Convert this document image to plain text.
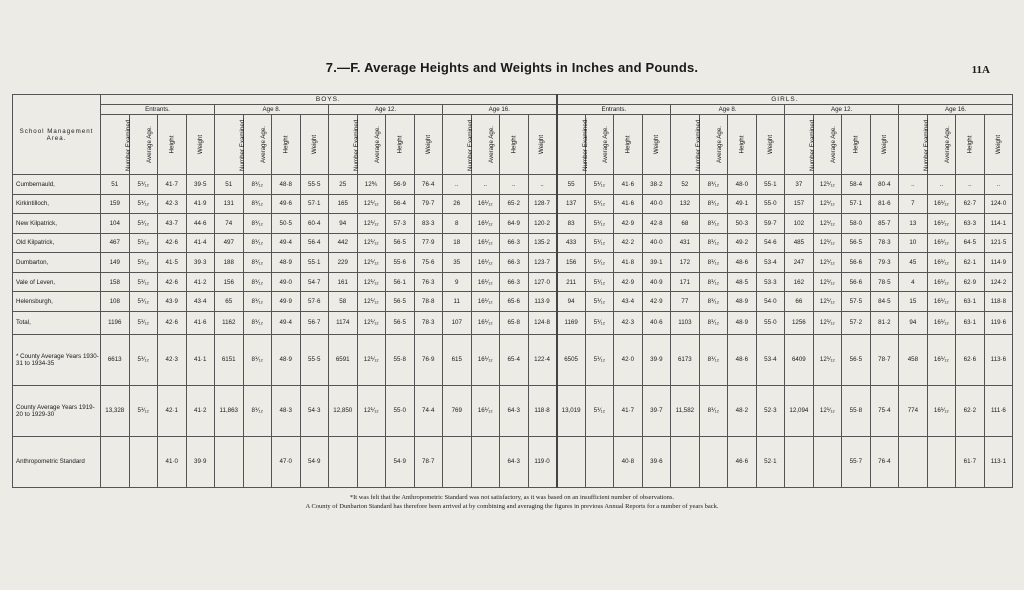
7.—F. Average Heights and Weights in Inches and Pounds.	11A
School Management Area.	BOYS.																GIRLS.															
	Entrants.				Age 8.				Age 12.				Age 16.				Entrants.				Age 8.				Age 12.				Age 16.			
	Number Examined.	Average Age.	Height	Weight	Number Examined.	Average Age.	Height	Weight	Number Examined.	Average Age.	Height	Weight	Number Examined.	Average Age.	Height	Weight	Number Examined.	Average Age.	Height	Weight	Number Examined.	Average Age.	Height	Weight	Number Examined.	Average Age.	Height	Weight	Number Examined.	Average Age.	Height	Weight
Cumbernauld,	51	5⅟₁₂	41·7	39·5	51	8⅟₁₂	48·8	55·5	25	12⅗	56·9	76·4	..	..	..	..	55	5⅟₁₂	41·6	38·2	52	8⅟₁₂	48·0	55·1	37	12⅟₁₂	58·4	80·4	..	..	..	..
Kirkintilloch,	159	5⅟₁₂	42·3	41·9	131	8⅟₁₂	49·6	57·1	165	12⅟₁₂	56·4	79·7	26	16⅟₁₂	65·2	128·7	137	5⅟₁₂	41·6	40·0	132	8⅟₁₂	49·1	55·0	157	12⅟₁₂	57·1	81·6	7	16⅟₁₂	62·7	124·0
New Kilpatrick,	104	5⅟₁₂	43·7	44·6	74	8⅟₁₂	50·5	60·4	94	12⅟₁₂	57·3	83·3	8	16⅟₁₂	64·9	120·2	83	5⅟₁₂	42·9	42·8	68	8⅟₁₂	50·3	59·7	102	12⅟₁₂	58·0	85·7	13	16⅟₁₂	63·3	114·1
Old Kilpatrick,	467	5⅟₁₂	42·6	41·4	497	8⅟₁₂	49·4	56·4	442	12⅟₁₂	56·5	77·9	18	16⅟₁₂	66·3	135·2	433	5⅟₁₂	42·2	40·0	431	8⅟₁₂	49·2	54·6	485	12⅟₁₂	56·5	78·3	10	16⅟₁₂	64·5	121·5
Dumbarton,	149	5⅟₁₂	41·5	39·3	188	8⅟₁₂	48·9	55·1	229	12⅟₁₂	55·6	75·6	35	16⅟₁₂	66·3	123·7	156	5⅟₁₂	41·8	39·1	172	8⅟₁₂	48·6	53·4	247	12⅟₁₂	56·6	79·3	45	16⅟₁₂	62·1	114·9
Vale of Leven,	158	5⅟₁₂	42·6	41·2	156	8⅟₁₂	49·0	54·7	161	12⅟₁₂	56·1	76·3	9	16⅟₁₂	66·3	127·0	211	5⅟₁₂	42·9	40·9	171	8⅟₁₂	48·5	53·3	162	12⅟₁₂	56·6	78·5	4	16⅟₁₂	62·9	124·2
Helensburgh,	108	5⅟₁₂	43·9	43·4	65	8⅟₁₂	49·9	57·6	58	12⅟₁₂	56·5	78·8	11	16⅟₁₂	65·6	113·9	94	5⅟₁₂	43·4	42·9	77	8⅟₁₂	48·9	54·0	66	12⅟₁₂	57·5	84·5	15	16⅟₁₂	63·1	118·8
Total,	1196	5⅟₁₂	42·6	41·6	1162	8⅟₁₂	49·4	56·7	1174	12⅟₁₂	56·5	78·3	107	16⅟₁₂	65·8	124·8	1169	5⅟₁₂	42·3	40·6	1103	8⅟₁₂	48·9	55·0	1256	12⅟₁₂	57·2	81·2	94	16⅟₁₂	63·1	119·6
* County Average Years 1930-31 to 1934-35	6613	5⅟₁₂	42·3	41·1	6151	8⅟₁₂	48·9	55·5	6591	12⅟₁₂	55·8	76·9	615	16⅟₁₂	65·4	122·4	6505	5⅟₁₂	42·0	39·9	6173	8⅟₁₂	48·6	53·4	6409	12⅟₁₂	56·5	78·7	458	16⅟₁₂	62·6	113·6
County Average Years 1919-20 to 1929-30	13,328	5⅟₁₂	42·1	41·2	11,863	8⅟₁₂	48·3	54·3	12,850	12⅟₁₂	55·0	74·4	769	16⅟₁₂	64·3	118·8	13,019	5⅟₁₂	41·7	39·7	11,582	8⅟₁₂	48·2	52·3	12,094	12⅟₁₂	55·8	75·4	774	16⅟₁₂	62·2	111·6
Anthropometric Standard			41·0	39·9			47·0	54·9			54·9	78·7			64·3	119·0			40·8	39·6			46·6	52·1			55·7	76·4			61·7	113·1
*It was felt that the Anthropometric Standard was not satisfactory, as it was based on an insufficient number of observations.
A County of Dunbarton Standard has therefore been arrived at by combining and averaging the figures in previous Annual Reports for a number of years back.
